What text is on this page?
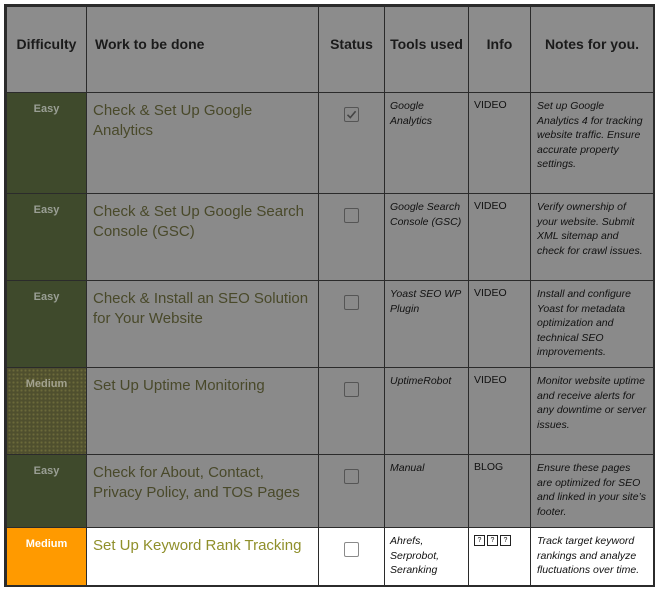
Difficulty	Work to be done	Status	Tools used	Info	Notes for you.
Easy	Check & Set Up Google Analytics		Google Analytics	VIDEO	Set up Google Analytics 4 for tracking website traffic. Ensure accurate property settings.
Easy	Check & Set Up Google Search Console (GSC)		Google Search Console (GSC)	VIDEO	Verify ownership of your website. Submit XML sitemap and check for crawl issues.
Easy	Check & Install an SEO Solution for Your Website		Yoast SEO WP Plugin	VIDEO	Install and configure Yoast for metadata optimization and technical SEO improvements.
Medium	Set Up Uptime Monitoring		UptimeRobot	VIDEO	Monitor website uptime and receive alerts for any downtime or server issues.
Easy	Check for About, Contact, Privacy Policy, and TOS Pages		Manual	BLOG	Ensure these pages are optimized for SEO and linked in your site’s footer.
Medium	Set Up Keyword Rank Tracking		Ahrefs, Serprobot, Seranking	? ? ?	Track target keyword rankings and analyze fluctuations over time.
